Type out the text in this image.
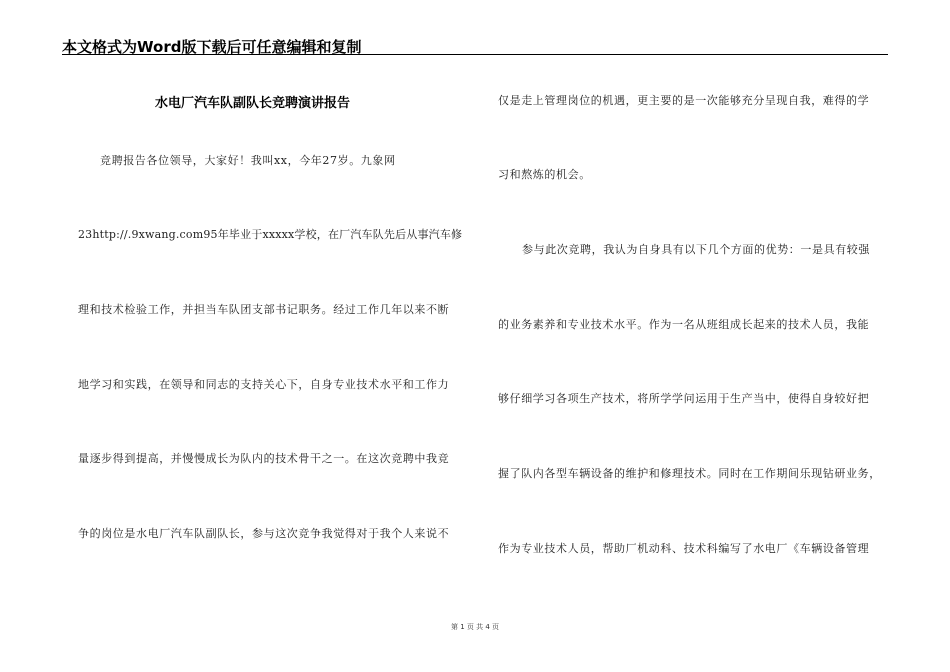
本文格式为Word版下载后可任意编辑和复制
水电厂汽车队副队长竞聘演讲报告
竞聘报告各位领导，大家好！我叫xx，今年27岁。九象网
23http://.9xwang.com95年毕业于xxxxx学校，在厂汽车队先后从事汽车修
理和技术检验工作，并担当车队团支部书记职务。经过工作几年以来不断
地学习和实践，在领导和同志的支持关心下，自身专业技术水平和工作力
量逐步得到提高，并慢慢成长为队内的技术骨干之一。在这次竞聘中我竞
争的岗位是水电厂汽车队副队长，参与这次竞争我觉得对于我个人来说不
仅是走上管理岗位的机遇，更主要的是一次能够充分呈现自我，难得的学
习和熬炼的机会。
参与此次竞聘，我认为自身具有以下几个方面的优势：一是具有较强
的业务素养和专业技术水平。作为一名从班组成长起来的技术人员，我能
够仔细学习各项生产技术，将所学学问运用于生产当中，使得自身较好把
握了队内各型车辆设备的维护和修理技术。同时在工作期间乐现钻研业务，
作为专业技术人员，帮助厂机动科、技术科编写了水电厂《车辆设备管理
第 1 页 共 4 页
